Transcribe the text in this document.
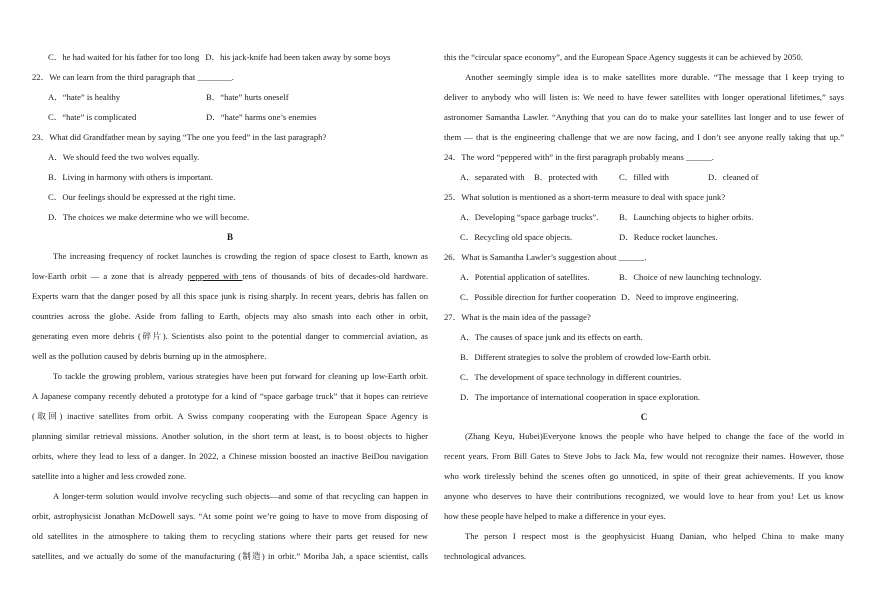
C．he had waited for his father for too long D．his jack-knife had been taken away by some boys
22．We can learn from the third paragraph that ________.
A．“hate” is healthy	B．“hate” hurts oneself
C．“hate” is complicated	D．“hate” harms one’s enemies
23．What did Grandfather mean by saying “The one you feed” in the last paragraph?
A．We should feed the two wolves equally.
B．Living in harmony with others is important.
C．Our feelings should be expressed at the right time.
D．The choices we make determine who we will become.
B
The increasing frequency of rocket launches is crowding the region of space closest to Earth, known as
low-Earth orbit — a zone that is already peppered with tens of thousands of bits of decades-old hardware.
Experts warn that the danger posed by all this space junk is rising sharply. In recent years, debris has fallen on
countries across the globe. Aside from falling to Earth, objects may also smash into each other in orbit,
generating even more debris (碎片). Scientists also point to the potential danger to commercial aviation, as
well as the pollution caused by debris burning up in the atmosphere.
To tackle the growing problem, various strategies have been put forward for cleaning up low-Earth orbit.
A Japanese company recently debuted a prototype for a kind of “space garbage truck” that it hopes can retrieve
(取回) inactive satellites from orbit. A Swiss company cooperating with the European Space Agency is
planning similar retrieval missions. Another solution, in the short term at least, is to boost objects to higher
orbits, where they lead to less of a danger. In 2022, a Chinese mission boosted an inactive BeiDou navigation
satellite into a higher and less crowded zone.
A longer-term solution would involve recycling such objects—and some of that recycling can happen in
orbit, astrophysicist Jonathan McDowell says. “At some point we’re going to have to move from disposing of
old satellites in the atmosphere to taking them to recycling stations where their parts get reused for new
satellites, and we actually do some of the manufacturing (制造) in orbit.” Moriba Jah, a space scientist, calls
this the “circular space economy”, and the European Space Agency suggests it can be achieved by 2050.
Another seemingly simple idea is to make satellites more durable. “The message that I keep trying to
deliver to anybody who will listen is: We need to have fewer satellites with longer operational lifetimes,” says
astronomer Samantha Lawler. “Anything that you can do to make your satellites last longer and to use fewer of
them — that is the engineering challenge that we are now facing, and I don’t see anyone really taking that up.”
24．The word “peppered with” in the first paragraph probably means ______.
A．separated with B．protected with C．filled with	D．cleaned of
25．What solution is mentioned as a short-term measure to deal with space junk?
A．Developing “space garbage trucks”. B．Launching objects to higher orbits.
C．Recycling old space objects.	D．Reduce rocket launches.
26．What is Samantha Lawler’s suggestion about ______.
A．Potential application of satellites.	B．Choice of new launching technology.
C．Possible direction for further cooperation D．Need to improve engineering.
27．What is the main idea of the passage?
A．The causes of space junk and its effects on earth.
B．Different strategies to solve the problem of crowded low-Earth orbit.
C．The development of space technology in different countries.
D．The importance of international cooperation in space exploration.
C
(Zhang Keyu, Hubei)Everyone knows the people who have helped to change the face of the world in
recent years. From Bill Gates to Steve Jobs to Jack Ma, few would not recognize their names. However, those
who work tirelessly behind the scenes often go unnoticed, in spite of their great achievements. If you know
anyone who deserves to have their contributions recognized, we would love to hear from you! Let us know
how these people have helped to make a difference in your eyes.
The person I respect most is the geophysicist Huang Danian, who helped China to make many
technological advances.
